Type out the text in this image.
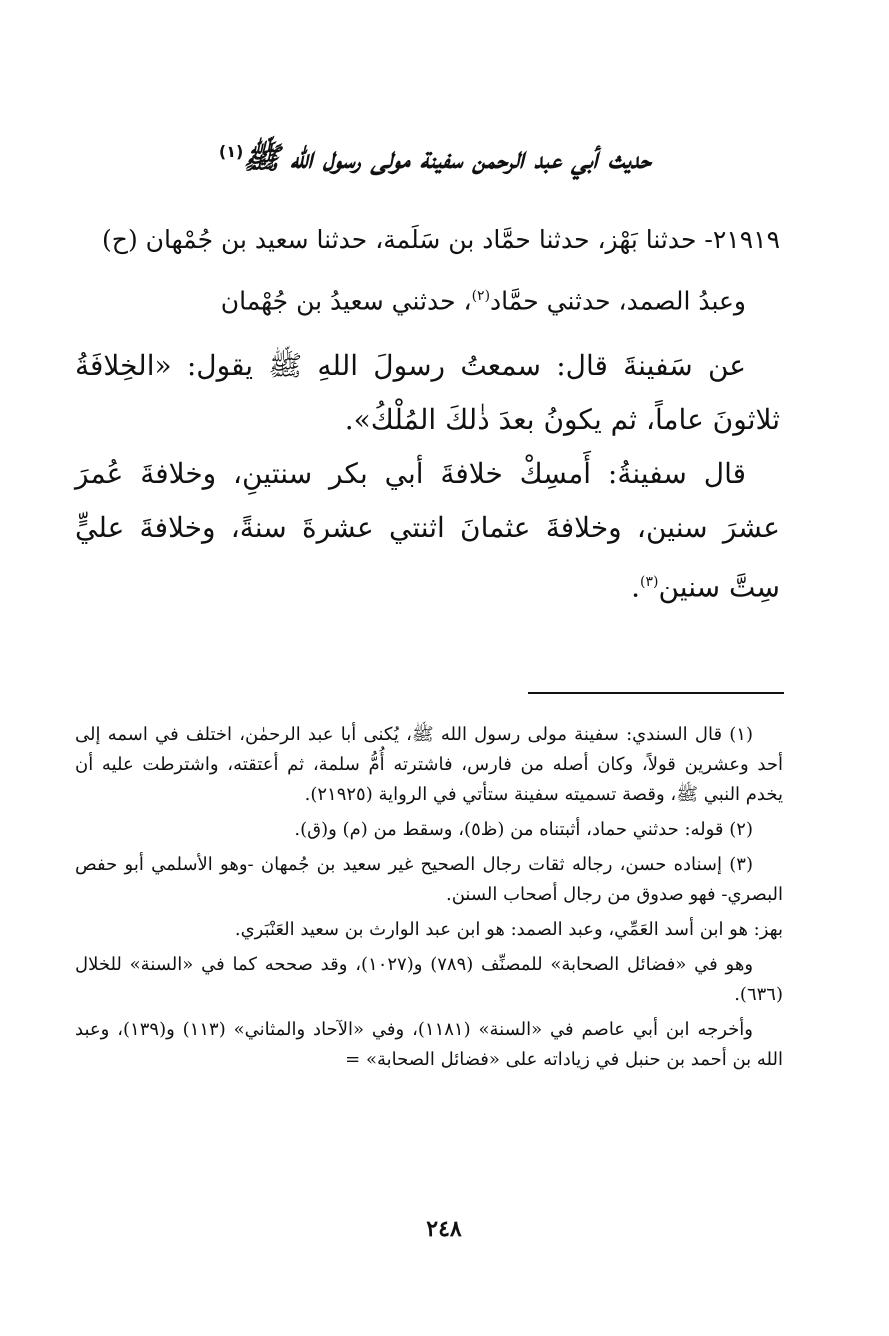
حديث أبي عبد الرحمن سفينة مولى رسول الله ﷺ$^{(١)}$

٢١٩١٩- حدثنا بَهْز، حدثنا حمَّاد بن سَلَمة، حدثنا سعيد بن جُمْهان (ح)

وعبدُ الصمد، حدثني حمَّاد$^{(٢)}$، حدثني سعيدُ بن جُهْمان

عن سَفينةَ قال: سمعتُ رسولَ اللهِ ﷺ يقول: «الخِلافَةُ ثلاثونَ عاماً، ثم يكونُ بعدَ ذٰلكَ المُلْكُ».

قال سفينةُ: أَمسِكْ خلافةَ أبي بكر سنتينِ، وخلافةَ عُمرَ عشرَ سنين، وخلافةَ عثمانَ اثنتي عشرةَ سنةً، وخلافةَ عليٍّ سِتَّ سنين$^{(٣)}$.

(١) قال السندي: سفينة مولى رسول الله ﷺ، يُكنى أبا عبد الرحمٰن، اختلف في اسمه إلى أحد وعشرين قولاً، وكان أصله من فارس، فاشترته أُمُّ سلمة، ثم أعتقته، واشترطت عليه أن يخدم النبي ﷺ، وقصة تسميته سفينة ستأتي في الرواية (٢١٩٢٥).

(٢) قوله: حدثني حماد، أثبتناه من (ظ٥)، وسقط من (م) و(ق).

(٣) إسناده حسن، رجاله ثقات رجال الصحيح غير سعيد بن جُمهان -وهو الأسلمي أبو حفص البصري- فهو صدوق من رجال أصحاب السنن.

بهز: هو ابن أسد العَمِّي، وعبد الصمد: هو ابن عبد الوارث بن سعيد العَنْبَري.

وهو في «فضائل الصحابة» للمصنِّف (٧٨٩) و(١٠٢٧)، وقد صححه كما في «السنة» للخلال (٦٣٦).

وأخرجه ابن أبي عاصم في «السنة» (١١٨١)، وفي «الآحاد والمثاني» (١١٣) و(١٣٩)، وعبد الله بن أحمد بن حنبل في زياداته على «فضائل الصحابة» =

٢٤٨
